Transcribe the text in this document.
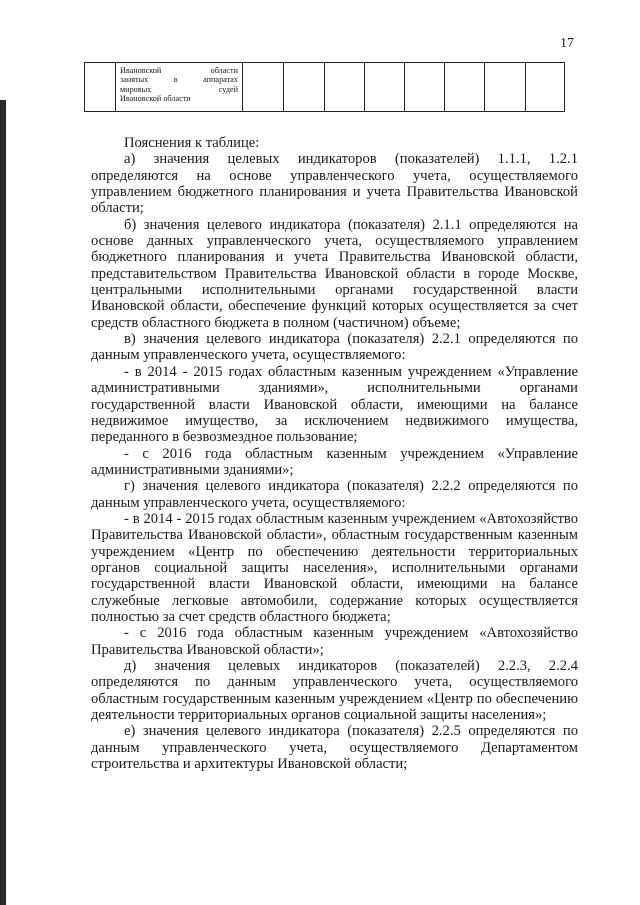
17

Ивановской области
занятых в аппаратах
мировых судей
Ивановской области

Пояснения к таблице:

а) значения целевых индикаторов (показателей) 1.1.1, 1.2.1 определяются на основе управленческого учета, осуществляемого управлением бюджетного планирования и учета Правительства Ивановской области;

б) значения целевого индикатора (показателя) 2.1.1 определяются на основе данных управленческого учета, осуществляемого управлением бюджетного планирования и учета Правительства Ивановской области, представительством Правительства Ивановской области в городе Москве, центральными исполнительными органами государственной власти Ивановской области, обеспечение функций которых осуществляется за счет средств областного бюджета в полном (частичном) объеме;

в) значения целевого индикатора (показателя) 2.2.1 определяются по данным управленческого учета, осуществляемого:

- в 2014 - 2015 годах областным казенным учреждением «Управление административными зданиями», исполнительными органами государственной власти Ивановской области, имеющими на балансе недвижимое имущество, за исключением недвижимого имущества, переданного в безвозмездное пользование;

- с 2016 года областным казенным учреждением «Управление административными зданиями»;

г) значения целевого индикатора (показателя) 2.2.2 определяются по данным управленческого учета, осуществляемого:

- в 2014 - 2015 годах областным казенным учреждением «Автохозяйство Правительства Ивановской области», областным государственным казенным учреждением «Центр по обеспечению деятельности территориальных органов социальной защиты населения», исполнительными органами государственной власти Ивановской области, имеющими на балансе служебные легковые автомобили, содержание которых осуществляется полностью за счет средств областного бюджета;

- с 2016 года областным казенным учреждением «Автохозяйство Правительства Ивановской области»;

д) значения целевых индикаторов (показателей) 2.2.3, 2.2.4 определяются по данным управленческого учета, осуществляемого областным государственным казенным учреждением «Центр по обеспечению деятельности территориальных органов социальной защиты населения»;

е) значения целевого индикатора (показателя) 2.2.5 определяются по данным управленческого учета, осуществляемого Департаментом строительства и архитектуры Ивановской области;
